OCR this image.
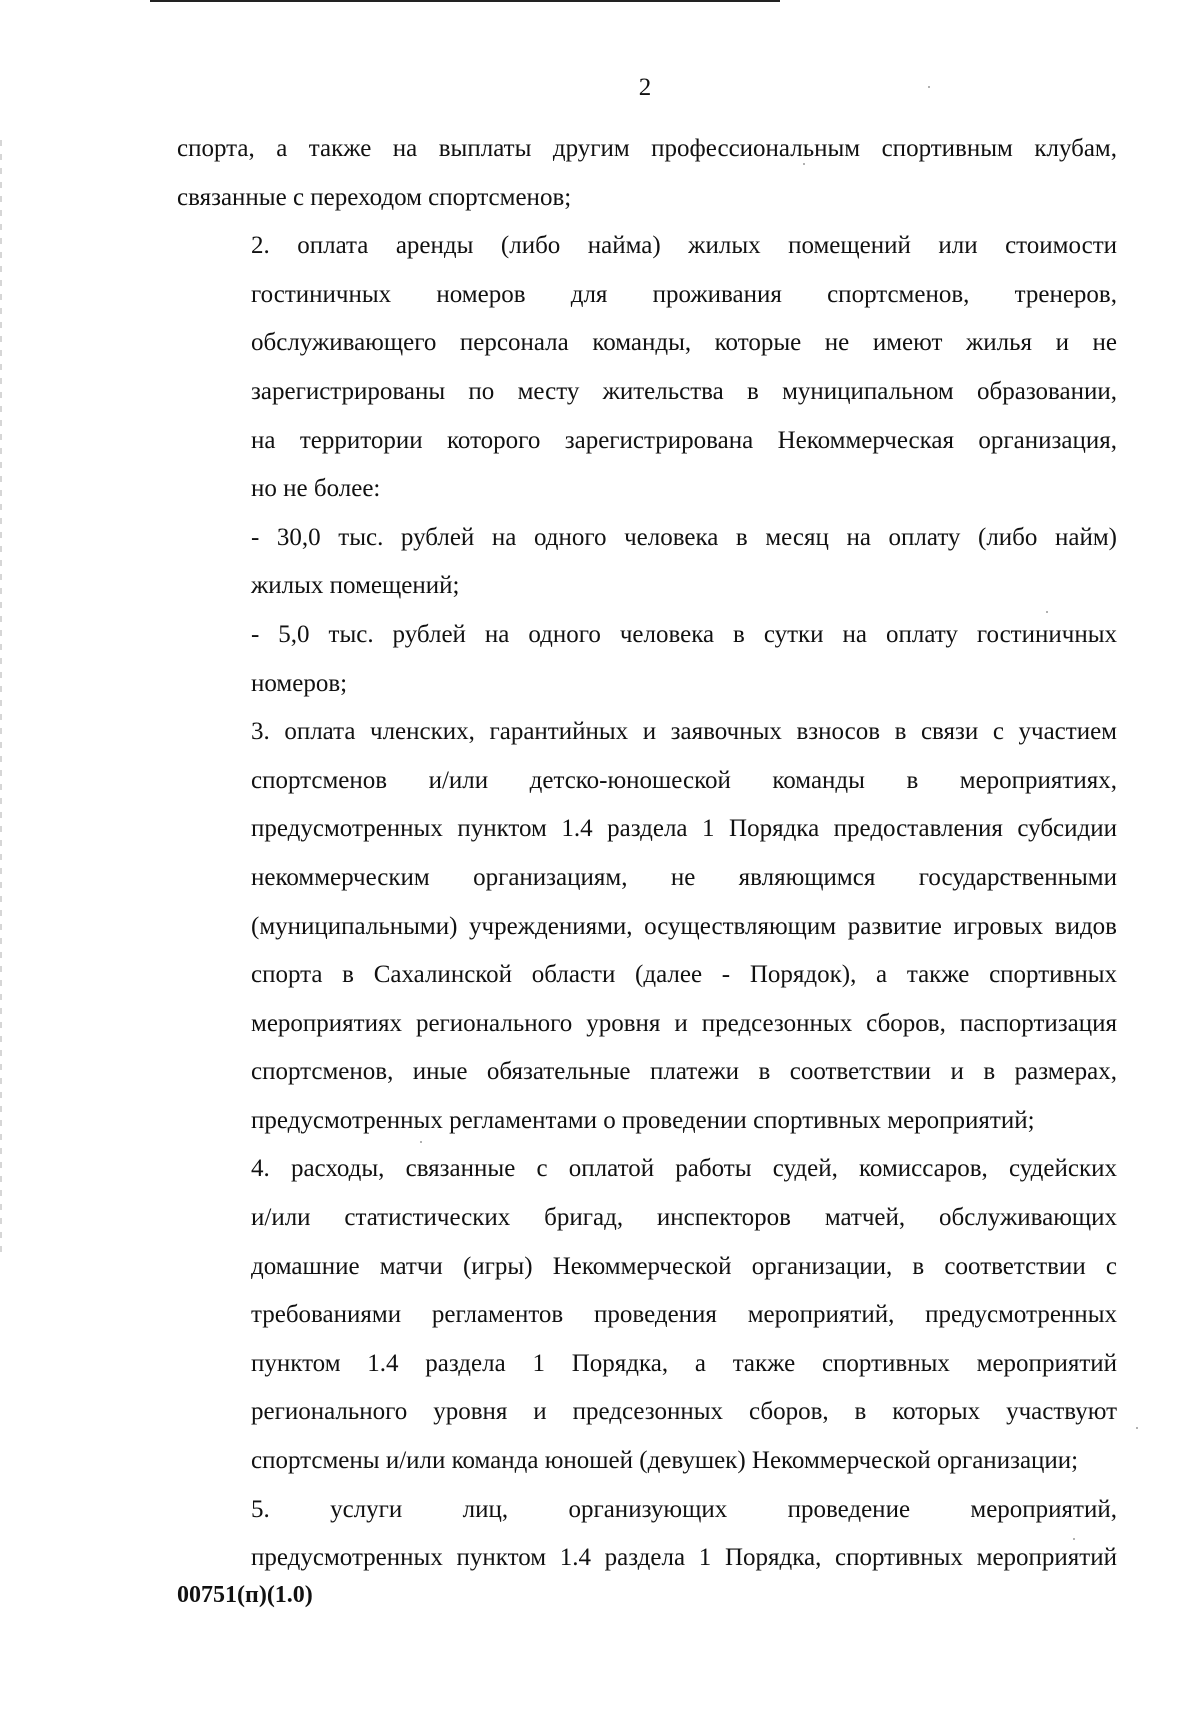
2
спорта, а также на выплаты другим профессиональным спортивным клубам,
связанные с переходом спортсменов;
2. оплата аренды (либо найма) жилых помещений или стоимости
гостиничных номеров для проживания спортсменов, тренеров,
обслуживающего персонала команды, которые не имеют жилья и не
зарегистрированы по месту жительства в муниципальном образовании,
на территории которого зарегистрирована Некоммерческая организация,
но не более:
- 30,0 тыс. рублей на одного человека в месяц на оплату (либо найм)
жилых помещений;
- 5,0 тыс. рублей на одного человека в сутки на оплату гостиничных
номеров;
3. оплата членских, гарантийных и заявочных взносов в связи с участием
спортсменов и/или детско-юношеской команды в мероприятиях,
предусмотренных пунктом 1.4 раздела 1 Порядка предоставления субсидии
некоммерческим организациям, не являющимся государственными
(муниципальными) учреждениями, осуществляющим развитие игровых видов
спорта в Сахалинской области (далее - Порядок), а также спортивных
мероприятиях регионального уровня и предсезонных сборов, паспортизация
спортсменов, иные обязательные платежи в соответствии и в размерах,
предусмотренных регламентами о проведении спортивных мероприятий;
4. расходы, связанные с оплатой работы судей, комиссаров, судейских
и/или статистических бригад, инспекторов матчей, обслуживающих
домашние матчи (игры) Некоммерческой организации, в соответствии с
требованиями регламентов проведения мероприятий, предусмотренных
пунктом 1.4 раздела 1 Порядка, а также спортивных мероприятий
регионального уровня и предсезонных сборов, в которых участвуют
спортсмены и/или команда юношей (девушек) Некоммерческой организации;
5. услуги лиц, организующих проведение мероприятий,
предусмотренных пунктом 1.4 раздела 1 Порядка, спортивных мероприятий
00751(п)(1.0)
